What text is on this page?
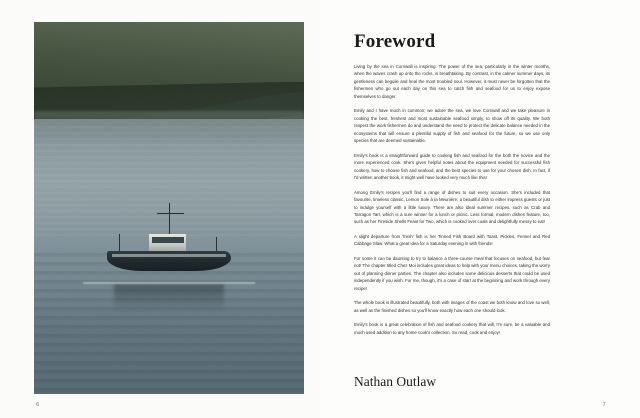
6
Foreword

Living by the sea in Cornwall is inspiring. The power of the sea, particularly in the winter months, when the waves crash up onto the rocks, is breathtaking. By contrast, in the calmer summer days, its gentleness can beguile and heal the most troubled soul. However, it must never be forgotten that the fishermen who go out each day on this sea to catch fish and seafood for us to enjoy expose themselves to danger.

Emily and I have much in common; we adore the sea, we love Cornwall and we take pleasure in cooking the best, freshest and most sustainable seafood simply, to show off its quality. We both respect the work fishermen do and understand the need to protect the delicate balance needed in the ecosystems that will ensure a plentiful supply of fish and seafood for the future, so we use only species that are deemed sustainable.

Emily's book is a straightforward guide to cooking fish and seafood for the both the novice and the more experienced cook. She's given helpful notes about the equipment needed for successful fish cookery, how to choose fish and seafood, and the best species to use for your chosen dish. In fact, if I'd written another book, it might well have looked very much like this!

Among Emily's recipes you'll find a range of dishes to suit every occasion. She's included that favourite, timeless classic, Lemon Sole à la Meunière; a beautiful dish to either impress guests or just to indulge yourself with a little luxury. There are also ideal summer recipes, such as Crab and Tarragon Tart, which is a sure winner for a lunch or picnic. Less formal, modern dishes feature, too, such as her Fireside Shells Feast for Two, which is cooked over coals and delightfully messy to eat!

A slight departure from 'fresh' fish is her Tinned Fish Board with Toast, Pickles, Fennel and Red Cabbage Slaw. What a great idea for a Saturday evening in with friends!

For some it can be daunting to try to balance a three-course meal that focuses on seafood, but fear not! The chapter titled Chez Moi includes great ideas to help with your menu choices, taking the worry out of planning dinner parties. The chapter also includes some delicious desserts that could be used independently if you wish. For me, though, it's a case of start at the beginning and work through every recipe!

The whole book is illustrated beautifully, both with images of the coast we both know and love so well, as well as the finished dishes so you'll know exactly how each one should look.

Emily's book is a great celebration of fish and seafood cookery that will, I'm sure, be a valuable and much used addition to any home cook's collection. So read, cook and enjoy!

Nathan Outlaw
7
